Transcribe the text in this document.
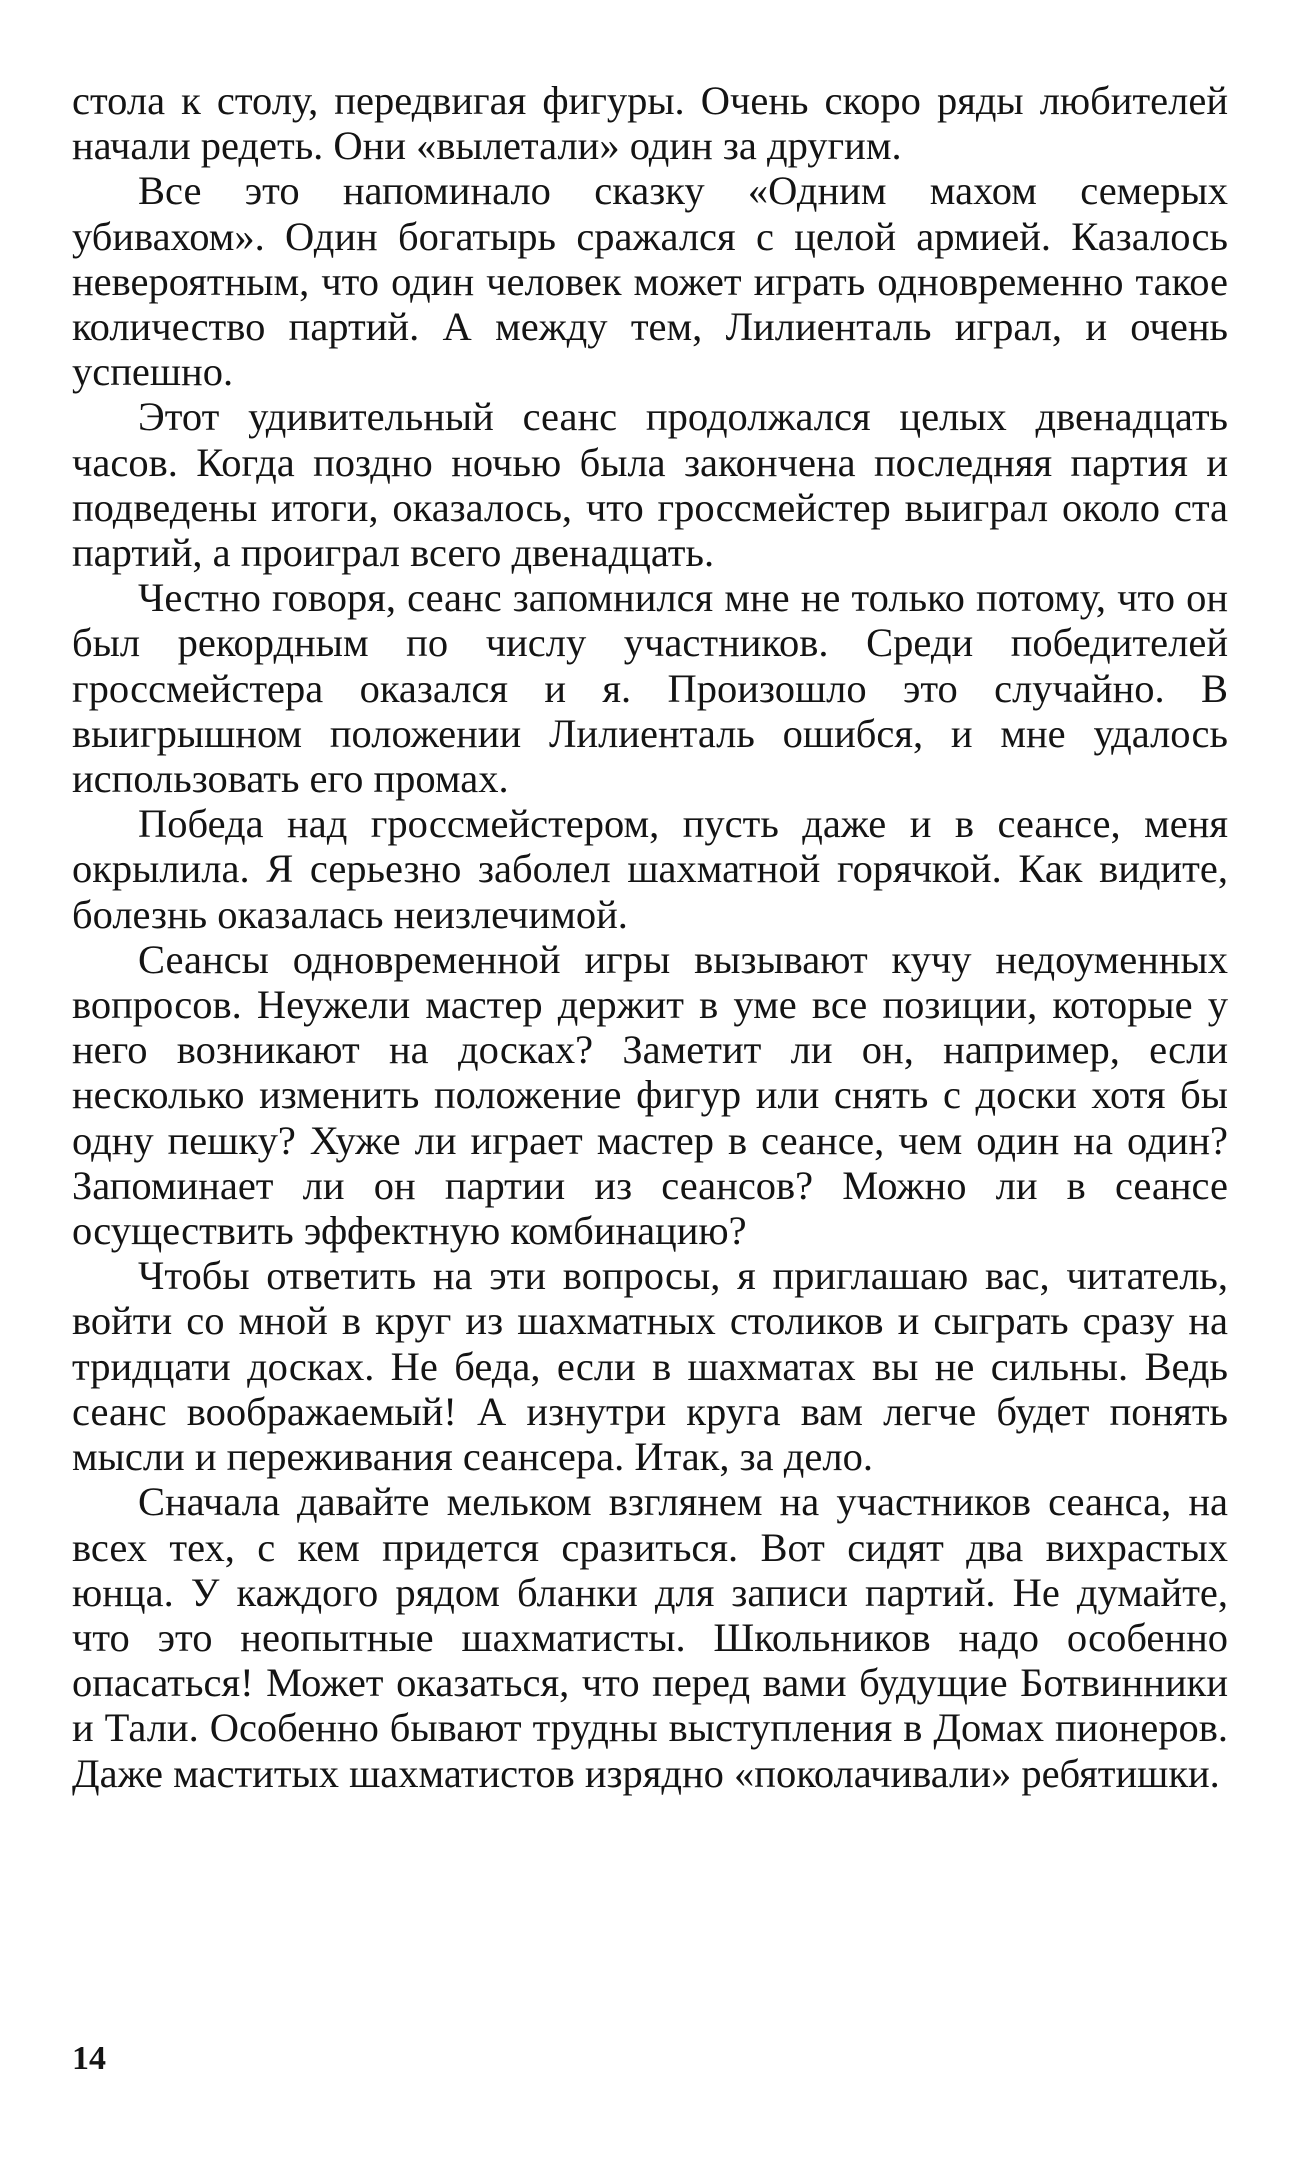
стола к столу, передвигая фигуры. Очень скоро ряды любителей начали редеть. Они «вылетали» один за другим.

Все это напоминало сказку «Одним махом семерых убивахом». Один богатырь сражался с целой армией. Казалось невероятным, что один человек может играть одновременно такое количество партий. А между тем, Лилиенталь играл, и очень успешно.

Этот удивительный сеанс продолжался целых двенадцать часов. Когда поздно ночью была закончена последняя партия и подведены итоги, оказалось, что гроссмейстер выиграл около ста партий, а проиграл всего двенадцать.

Честно говоря, сеанс запомнился мне не только потому, что он был рекордным по числу участников. Среди победителей гроссмейстера оказался и я. Произошло это случайно. В выигрышном положении Лилиенталь ошибся, и мне удалось использовать его промах.

Победа над гроссмейстером, пусть даже и в сеансе, меня окрылила. Я серьезно заболел шахматной горячкой. Как видите, болезнь оказалась неизлечимой.

Сеансы одновременной игры вызывают кучу недоуменных вопросов. Неужели мастер держит в уме все позиции, которые у него возникают на досках? Заметит ли он, например, если несколько изменить положение фигур или снять с доски хотя бы одну пешку? Хуже ли играет мастер в сеансе, чем один на один? Запоминает ли он партии из сеансов? Можно ли в сеансе осуществить эффектную комбинацию?

Чтобы ответить на эти вопросы, я приглашаю вас, читатель, войти со мной в круг из шахматных столиков и сыграть сразу на тридцати досках. Не беда, если в шахматах вы не сильны. Ведь сеанс воображаемый! А изнутри круга вам легче будет понять мысли и переживания сеансера. Итак, за дело.

Сначала давайте мельком взглянем на участников сеанса, на всех тех, с кем придется сразиться. Вот сидят два вихрастых юнца. У каждого рядом бланки для записи партий. Не думайте, что это неопытные шахматисты. Школьников надо особенно опасаться! Может оказаться, что перед вами будущие Ботвинники и Тали. Особенно бывают трудны выступления в Домах пионеров. Даже маститых шахматистов изрядно «поколачивали» ребятишки.

14
